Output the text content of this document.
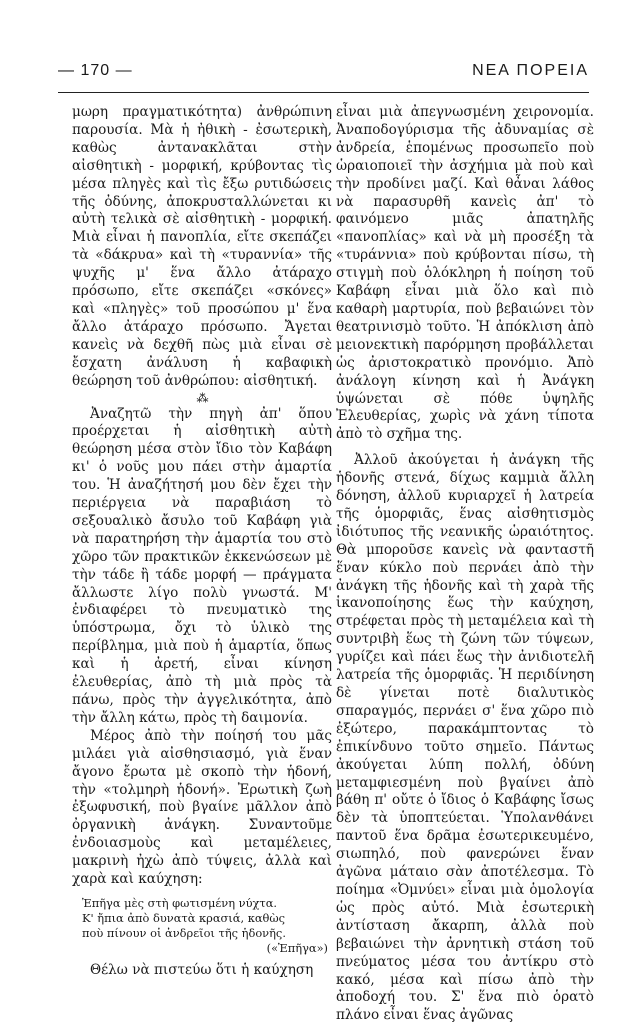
— 170 —	ΝΕΑ ΠΟΡΕΙΑ

μωρη πραγματικότητα) ἀνθρώπινη παρουσία. Μὰ ἡ ἠθικὴ - ἐσωτερικὴ, καθὼς ἀντανακλᾶται στὴν αἰσθητικὴ - μορφική, κρύβοντας τὶς μέσα πληγὲς καὶ τὶς ἔξω ρυτιδώσεις τῆς ὀδύνης, ἀποκρυσταλλώνεται κι αὐτὴ τελικὰ σὲ αἰσθητικὴ - μορφική. Μιὰ εἶναι ἡ πανοπλία, εἴτε σκεπάζει τὰ «δάκρυα» καὶ τὴ «τυραννία» τῆς ψυχῆς μ' ἕνα ἄλλο ἀτάραχο πρόσωπο, εἴτε σκεπάζει «σκόνες» καὶ «πληγὲς» τοῦ προσώπου μ' ἕνα ἄλλο ἀτάραχο πρόσωπο. Ἄγεται κανεὶς νὰ δεχθῆ πὼς μιὰ εἶναι σὲ ἔσχατη ἀνάλυση ἡ καβαφικὴ θεώρηση τοῦ ἀνθρώπου: αἰσθητική.

⁂

Ἀναζητῶ τὴν πηγὴ ἀπ' ὅπου προέρχεται ἡ αἰσθητικὴ αὐτὴ θεώρηση μέσα στὸν ἴδιο τὸν Καβάφη κι' ὁ νοῦς μου πάει στὴν ἁμαρτία του. Ἡ ἀναζήτησή μου δὲν ἔχει τὴν περιέργεια νὰ παραβιάση τὸ σεξουαλικὸ ἄσυλο τοῦ Καβάφη γιὰ νὰ παρατηρήση τὴν ἁμαρτία του στὸ χῶρο τῶν πρακτικῶν ἐκκενώσεων μὲ τὴν τάδε ἢ τάδε μορφή — πράγματα ἄλλωστε λίγο πολὺ γνωστά. Μ' ἐνδιαφέρει τὸ πνευματικὸ της ὑπόστρωμα, ὄχι τὸ ὑλικὸ της περίβλημα, μιὰ ποὺ ἡ ἁμαρτία, ὅπως καὶ ἡ ἀρετή, εἶναι κίνηση ἐλευθερίας, ἀπὸ τὴ μιὰ πρὸς τὰ πάνω, πρὸς τὴν ἀγγελικότητα, ἀπὸ τὴν ἄλλη κάτω, πρὸς τὴ δαιμονία.

Μέρος ἀπὸ τὴν ποίησή του μᾶς μιλάει γιὰ αἰσθησιασμό, γιὰ ἕναν ἄγονο ἔρωτα μὲ σκοπὸ τὴν ἡδονή, τὴν «τολμηρὴ ἡδονή». Ἐρωτικὴ ζωὴ ἐξωφυσική, ποὺ βγαίνε μᾶλλον ἀπὸ ὀργανικὴ ἀνάγκη. Συναντοῦμε ἐνδοιασμοὺς καὶ μεταμέλειες, μακρινὴ ἠχὼ ἀπὸ τύψεις, ἀλλὰ καὶ χαρὰ καὶ καύχηση:

Ἐπῆγα μὲς στὴ φωτισμένη νύχτα.
Κ' ἤπια ἀπὸ δυνατὰ κρασιά, καθὼς
ποὺ πίνουν οἱ ἀνδρεῖοι τῆς ἡδονῆς.
(«Ἐπῆγα»)

Θέλω νὰ πιστεύω ὅτι ἡ καύχηση

εἶναι μιὰ ἀπεγνωσμένη χειρονομία. Ἀναποδογύρισμα τῆς ἀδυναμίας σὲ ἀνδρεία, ἑπομένως προσωπεῖο ποὺ ὡραιοποιεῖ τὴν ἀσχήμια μὰ ποὺ καὶ τὴν προδίνει μαζί. Καὶ θἆναι λάθος νὰ παρασυρθῆ κανεὶς ἀπ' τὸ φαινόμενο μιᾶς ἀπατηλῆς «πανοπλίας» καὶ νὰ μὴ προσέξη τὰ «τυράννια» ποὺ κρύβονται πίσω, τὴ στιγμὴ ποὺ ὁλόκληρη ἡ ποίηση τοῦ Καβάφη εἶναι μιὰ ὅλο καὶ πιὸ καθαρὴ μαρτυρία, ποὺ βεβαιώνει τὸν θεατρινισμὸ τοῦτο. Ἡ ἀπόκλιση ἀπὸ μειονεκτικὴ παρόρμηση προβάλλεται ὡς ἀριστοκρατικὸ προνόμιο. Ἀπὸ ἀνάλογη κίνηση καὶ ἡ Ἀνάγκη ὑψώνεται σὲ πόθε ὑψηλῆς Ἐλευθερίας, χωρὶς νὰ χάνη τίποτα ἀπὸ τὸ σχῆμα της.

Ἀλλοῦ ἀκούγεται ἡ ἀνάγκη τῆς ἡδονῆς στενά, δίχως καμμιὰ ἄλλη δόνηση, ἀλλοῦ κυριαρχεῖ ἡ λατρεία τῆς ὁμορφιᾶς, ἕνας αἰσθητισμὸς ἰδιότυπος τῆς νεανικῆς ὡραιότητος. Θὰ μποροῦσε κανεὶς νὰ φανταστῆ ἕναν κύκλο ποὺ περνάει ἀπὸ τὴν ἀνάγκη τῆς ἡδονῆς καὶ τὴ χαρὰ τῆς ἱκανοποίησης ἕως τὴν καύχηση, στρέφεται πρὸς τὴ μεταμέλεια καὶ τὴ συντριβὴ ἕως τὴ ζώνη τῶν τύψεων, γυρίζει καὶ πάει ἕως τὴν ἀνιδιοτελῆ λατρεία τῆς ὁμορφιᾶς. Ἡ περιδίνηση δὲ γίνεται ποτὲ διαλυτικὸς σπαραγμός, περνάει σ' ἕνα χῶρο πιὸ ἐξώτερο, παρακάμπτοντας τὸ ἐπικίνδυνο τοῦτο σημεῖο. Πάντως ἀκούγεται λύπη πολλή, ὀδύνη μεταμφιεσμένη ποὺ βγαίνει ἀπὸ βάθη π' οὔτε ὁ ἴδιος ὁ Καβάφης ἴσως δὲν τὰ ὑποπτεύεται. Ὑπολανθάνει παντοῦ ἕνα δρᾶμα ἐσωτερικευμένο, σιωπηλό, ποὺ φανερώνει ἕναν ἀγῶνα μάταιο σὰν ἀποτέλεσμα. Τὸ ποίημα «Ὀμνύει» εἶναι μιὰ ὁμολογία ὡς πρὸς αὐτό. Μιὰ ἐσωτερικὴ ἀντίσταση ἄκαρπη, ἀλλὰ ποὺ βεβαιώνει τὴν ἀρνητικὴ στάση τοῦ πνεύματος μέσα του ἀντίκρυ στὸ κακό, μέσα καὶ πίσω ἀπὸ τὴν ἀποδοχή του. Σ' ἕνα πιὸ ὁρατὸ πλάνο εἶναι ἕνας ἀγῶνας
